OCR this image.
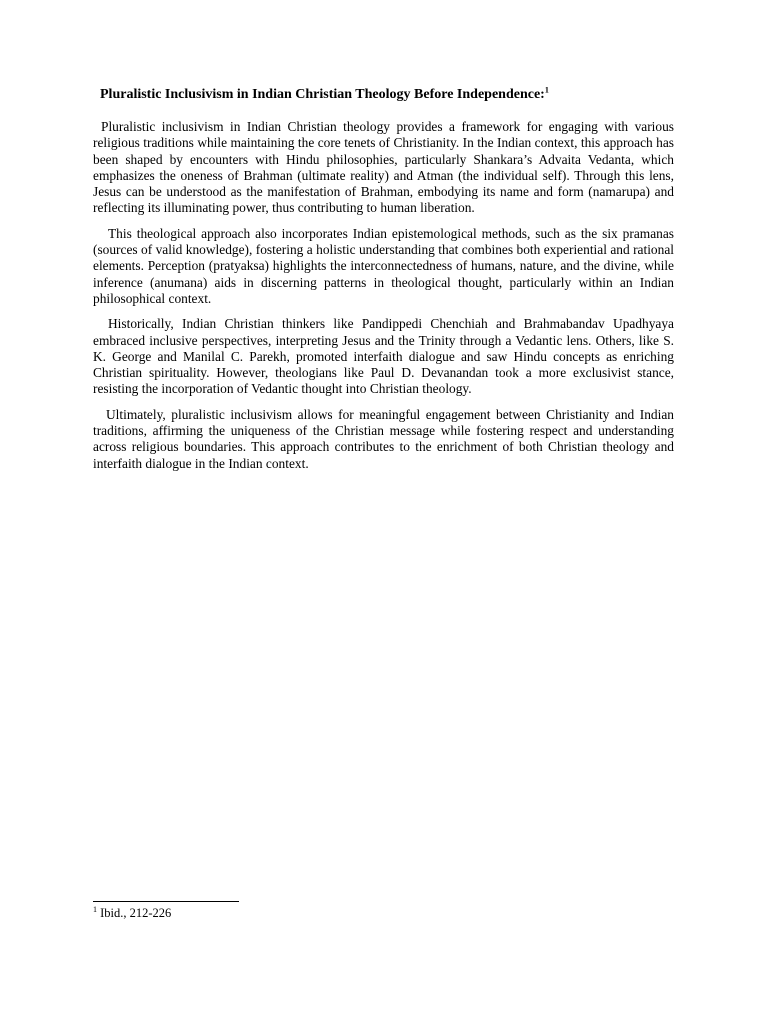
Pluralistic Inclusivism in Indian Christian Theology Before Independence:$^1$

Pluralistic inclusivism in Indian Christian theology provides a framework for engaging with various religious traditions while maintaining the core tenets of Christianity. In the Indian context, this approach has been shaped by encounters with Hindu philosophies, particularly Shankara’s Advaita Vedanta, which emphasizes the oneness of Brahman (ultimate reality) and Atman (the individual self). Through this lens, Jesus can be understood as the manifestation of Brahman, embodying its name and form (namarupa) and reflecting its illuminating power, thus contributing to human liberation.

This theological approach also incorporates Indian epistemological methods, such as the six pramanas (sources of valid knowledge), fostering a holistic understanding that combines both experiential and rational elements. Perception (pratyaksa) highlights the interconnectedness of humans, nature, and the divine, while inference (anumana) aids in discerning patterns in theological thought, particularly within an Indian philosophical context.

Historically, Indian Christian thinkers like Pandippedi Chenchiah and Brahmabandav Upadhyaya embraced inclusive perspectives, interpreting Jesus and the Trinity through a Vedantic lens. Others, like S. K. George and Manilal C. Parekh, promoted interfaith dialogue and saw Hindu concepts as enriching Christian spirituality. However, theologians like Paul D. Devanandan took a more exclusivist stance, resisting the incorporation of Vedantic thought into Christian theology.

Ultimately, pluralistic inclusivism allows for meaningful engagement between Christianity and Indian traditions, affirming the uniqueness of the Christian message while fostering respect and understanding across religious boundaries. This approach contributes to the enrichment of both Christian theology and interfaith dialogue in the Indian context.

$^1$ Ibid., 212-226
